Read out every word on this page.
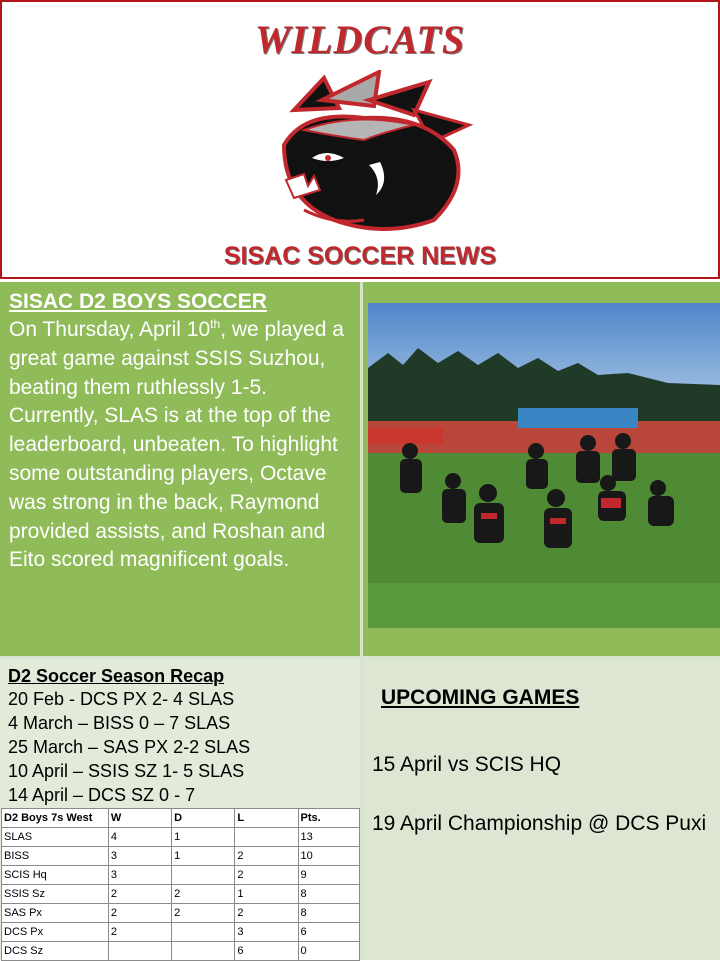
WILDCATS
SISAC SOCCER NEWS
SISAC D2 BOYS SOCCER
On Thursday, April 10th, we played a great game against SSIS Suzhou, beating them ruthlessly 1-5. Currently, SLAS is at the top of the leaderboard, unbeaten. To highlight some outstanding players, Octave was strong in the back, Raymond provided assists, and Roshan and Eito scored magnificent goals.
D2 Soccer Season Recap
20 Feb - DCS PX 2- 4 SLAS
4 March – BISS 0 – 7 SLAS
25 March – SAS PX 2-2 SLAS
10 April – SSIS SZ 1- 5 SLAS
14 April – DCS SZ 0 - 7
D2 Boys 7s West	W	D	L	Pts.
SLAS	4	1		13
BISS	3	1	2	10
SCIS Hq	3		2	9
SSIS Sz	2	2	1	8
SAS Px	2	2	2	8
DCS Px	2		3	6
DCS Sz			6	0
UPCOMING GAMES
15 April vs SCIS HQ
19 April Championship @ DCS Puxi
